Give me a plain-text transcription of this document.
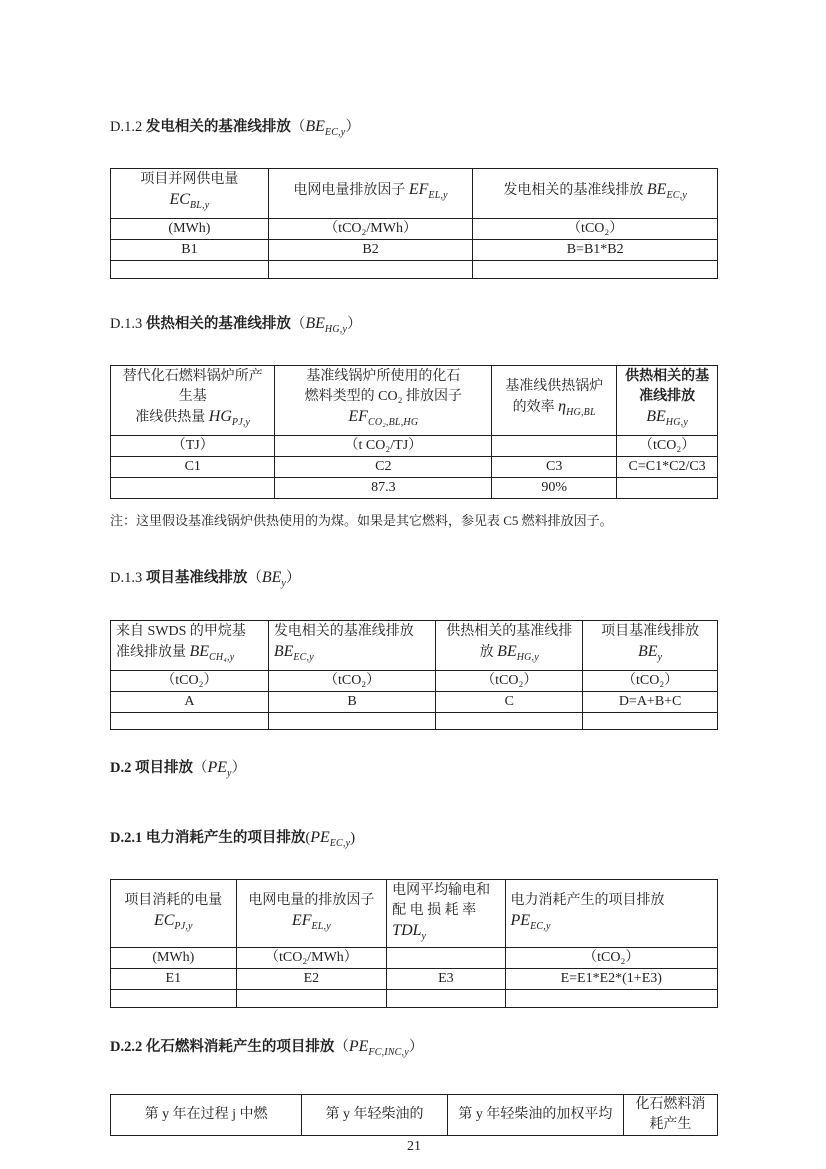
D.1.2 发电相关的基准线排放$(BE_{EC,y})$
项目并网供电量
$EC_{BL,y}$	电网电量排放因子 $EF_{EL,y}$	发电相关的基准线排放 $BE_{EC,y}$
(MWh)	（tCO₂/MWh）	（tCO₂）
B1	B2	B=B1*B2

D.1.3 供热相关的基准线排放$(BE_{HG,y})$
替代化石燃料锅炉所产生基
准线供热量 $HG_{PJ,y}$	基准线锅炉所使用的化石
燃料类型的 CO₂ 排放因子
$EF_{CO_2,BL,HG}$	基准线供热锅炉
的效率 $\eta_{HG,BL}$	供热相关的基
准线排放
$BE_{HG,y}$
（TJ）	（t CO₂/TJ）		（tCO₂）
C1	C2	C3	C=C1*C2/C3
	87.3	90%	
注：这里假设基准线锅炉供热使用的为煤。如果是其它燃料，参见表 C5 燃料排放因子。
D.1.3 项目基准线排放$(BE_y)$
来自 SWDS 的甲烷基
准线排放量 $BE_{CH_4,y}$	发电相关的基准线排放
$BE_{EC,y}$	供热相关的基准线排
放 $BE_{HG,y}$	项目基准线排放
$BE_y$
（tCO₂）	（tCO₂）	（tCO₂）	（tCO₂）
A	B	C	D=A+B+C

D.2 项目排放$(PE_y)$
D.2.1 电力消耗产生的项目排放$(PE_{EC,y})$
项目消耗的电量
$EC_{PJ,y}$	电网电量的排放因子
$EF_{EL,y}$	电网平均输电和
配 电 损 耗 率
$TDL_y$	电力消耗产生的项目排放
$PE_{EC,y}$
(MWh)	（tCO₂/MWh）		（tCO₂）
E1	E2	E3	E=E1*E2*(1+E3)

D.2.2 化石燃料消耗产生的项目排放$(PE_{FC,INC,y})$
第 y 年在过程 j 中燃	第 y 年轻柴油的	第 y 年轻柴油的加权平均	化石燃料消耗产生
21
